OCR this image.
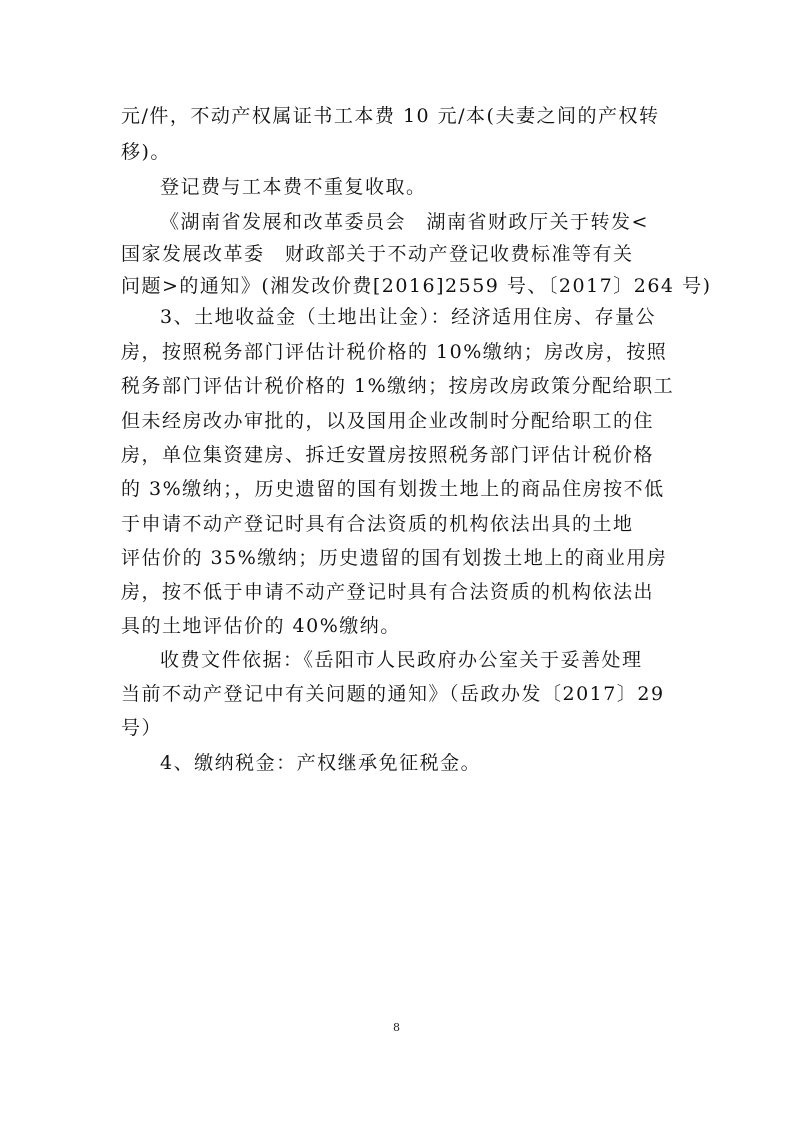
元/件，不动产权属证书工本费 10 元/本(夫妻之间的产权转
移)。
登记费与工本费不重复收取。
《湖南省发展和改革委员会　湖南省财政厅关于转发<
国家发展改革委　财政部关于不动产登记收费标准等有关
问题>的通知》(湘发改价费[2016]2559 号、〔2017〕264 号)
3、土地收益金（土地出让金）：经济适用住房、存量公
房，按照税务部门评估计税价格的 10%缴纳；房改房，按照
税务部门评估计税价格的 1%缴纳；按房改房政策分配给职工
但未经房改办审批的，以及国用企业改制时分配给职工的住
房，单位集资建房、拆迁安置房按照税务部门评估计税价格
的 3%缴纳；，历史遗留的国有划拨土地上的商品住房按不低
于申请不动产登记时具有合法资质的机构依法出具的土地
评估价的 35%缴纳；历史遗留的国有划拨土地上的商业用房
房，按不低于申请不动产登记时具有合法资质的机构依法出
具的土地评估价的 40%缴纳。
收费文件依据：《岳阳市人民政府办公室关于妥善处理
当前不动产登记中有关问题的通知》（岳政办发〔2017〕29
号）
4、缴纳税金：产权继承免征税金。
8
